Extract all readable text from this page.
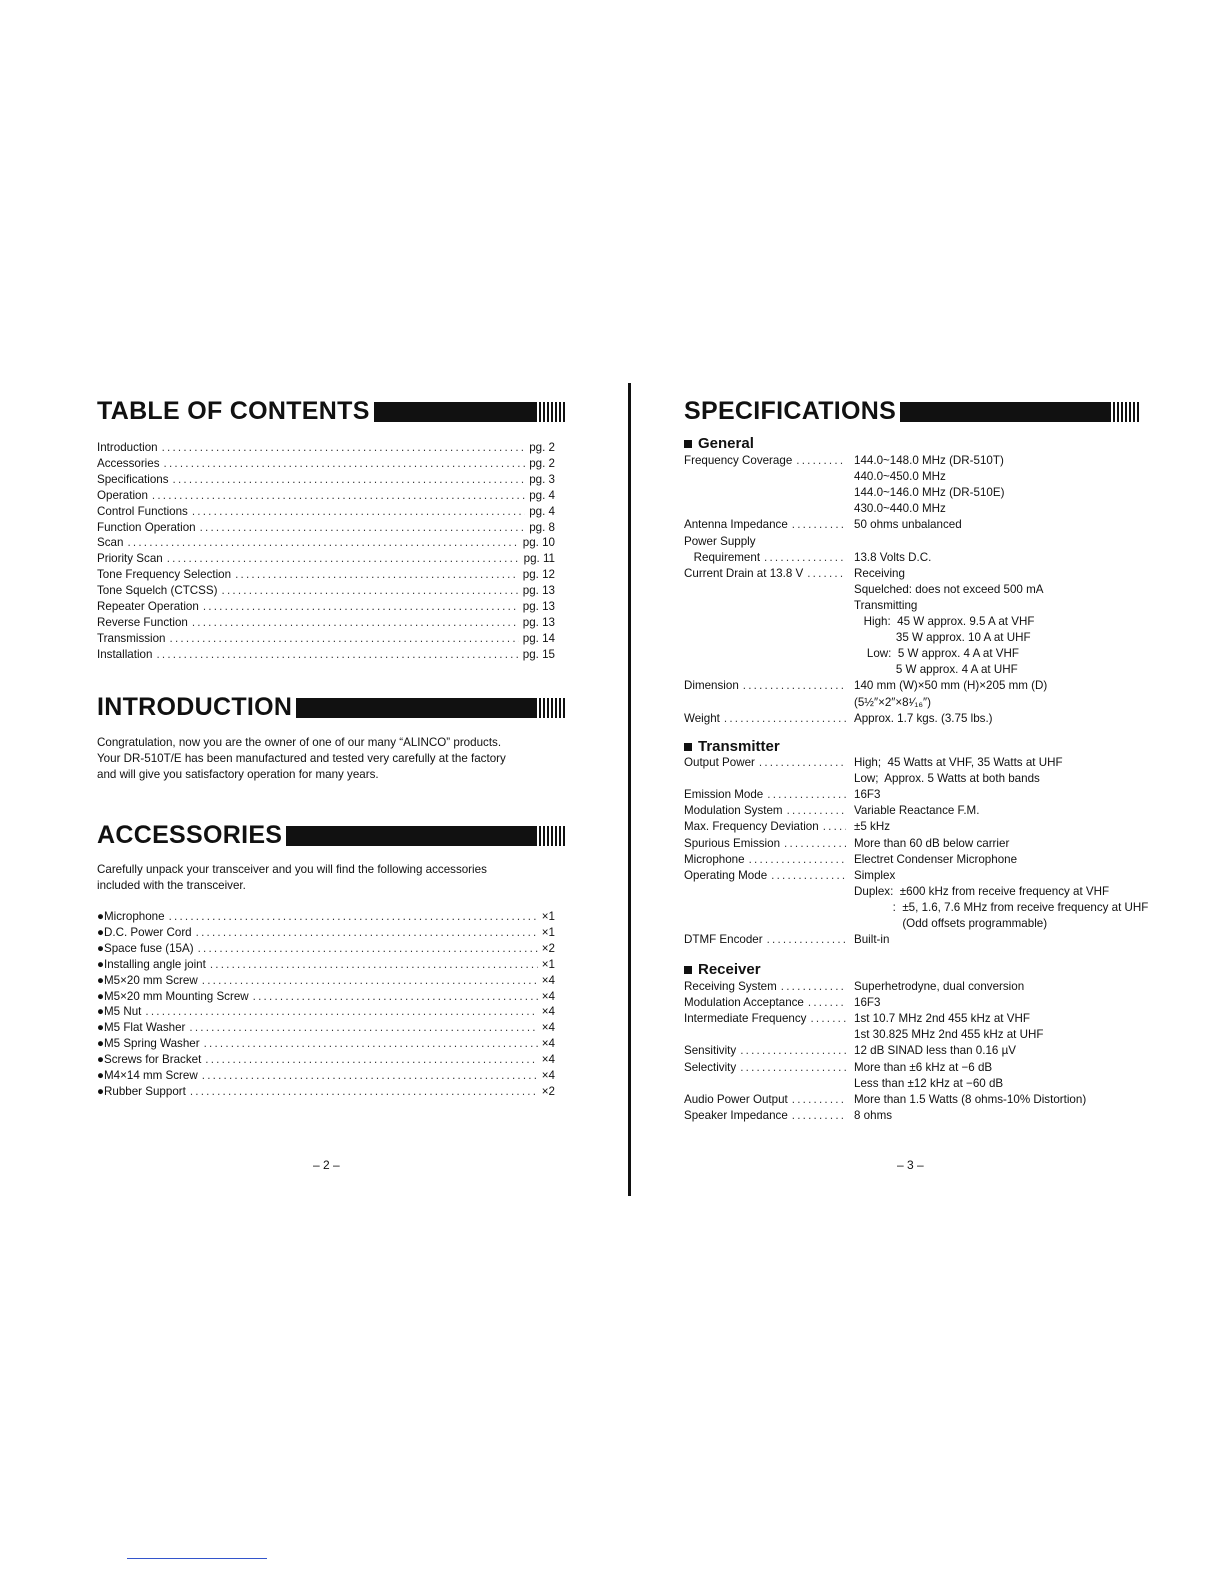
TABLE OF CONTENTS
Introduction . . .	pg. 2
Accessories . . .	pg. 2
Specifications . . .	pg. 3
Operation . . .	pg. 4
Control Functions . . .	pg. 4
Function Operation . . .	pg. 8
Scan . . .	pg. 10
Priority Scan . . .	pg. 11
Tone Frequency Selection . . .	pg. 12
Tone Squelch (CTCSS) . . .	pg. 13
Repeater Operation . . .	pg. 13
Reverse Function . . .	pg. 13
Transmission . . .	pg. 14
Installation . . .	pg. 15
INTRODUCTION
Congratulation, now you are the owner of one of our many “ALINCO” products.
Your DR-510T/E has been manufactured and tested very carefully at the factory
and will give you satisfactory operation for many years.
ACCESSORIES
Carefully unpack your transceiver and you will find the following accessories
included with the transceiver.
●Microphone . . .	×1
●D.C. Power Cord . . .	×1
●Space fuse (15A) . . .	×2
●Installing angle joint . . .	×1
●M5×20 mm Screw . . .	×4
●M5×20 mm Mounting Screw . . .	×4
●M5 Nut . . .	×4
●M5 Flat Washer . . .	×4
●M5 Spring Washer . . .	×4
●Screws for Bracket . . .	×4
●M4×14 mm Screw . . .	×4
●Rubber Support . . .	×2
– 2 –
SPECIFICATIONS
General
Frequency Coverage . . .	144.0~148.0 MHz (DR-510T)
440.0~450.0 MHz
144.0~146.0 MHz (DR-510E)
430.0~440.0 MHz
Antenna Impedance . . .	50 ohms unbalanced
Power Supply
Requirement . . .	13.8 Volts D.C.
Current Drain at 13.8 V . . .	Receiving
Squelched: does not exceed 500 mA
Transmitting
High:  45 W approx. 9.5 A at VHF
35 W approx. 10 A at UHF
Low:  5 W approx. 4 A at VHF
5 W approx. 4 A at UHF
Dimension . . .	140 mm (W)×50 mm (H)×205 mm (D)
(5½″×2″×8¹⁄₁₆″)
Weight . . .	Approx. 1.7 kgs. (3.75 lbs.)
Transmitter
Output Power . . .	High;  45 Watts at VHF, 35 Watts at UHF
Low;  Approx. 5 Watts at both bands
Emission Mode . . .	16F3
Modulation System . . .	Variable Reactance F.M.
Max. Frequency Deviation . . .	±5 kHz
Spurious Emission . . .	More than 60 dB below carrier
Microphone . . .	Electret Condenser Microphone
Operating Mode . . .	Simplex
Duplex:  ±600 kHz from receive frequency at VHF
:  ±5, 1.6, 7.6 MHz from receive frequency at UHF
(Odd offsets programmable)
DTMF Encoder . . .	Built-in
Receiver
Receiving System . . .	Superhetrodyne, dual conversion
Modulation Acceptance . . .	16F3
Intermediate Frequency . . .	1st 10.7 MHz 2nd 455 kHz at VHF
1st 30.825 MHz 2nd 455 kHz at UHF
Sensitivity . . .	12 dB SINAD less than 0.16 µV
Selectivity . . .	More than ±6 kHz at −6 dB
Less than ±12 kHz at −60 dB
Audio Power Output . . .	More than 1.5 Watts (8 ohms-10% Distortion)
Speaker Impedance . . .	8 ohms
– 3 –
